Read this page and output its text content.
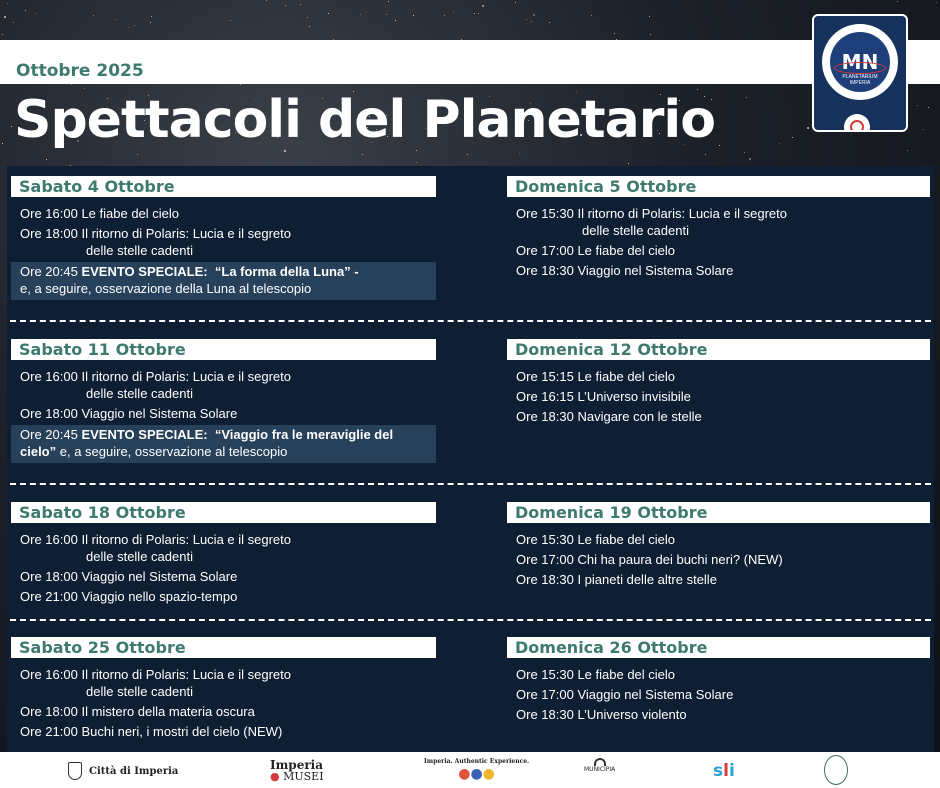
Ottobre 2025
Spettacoli del Planetario
MN
PLANETARIUM IMPERIA
Sabato 4 Ottobre
Ore 16:00 Le fiabe del cielo
Ore 18:00 Il ritorno di Polaris: Lucia e il segreto
delle stelle cadenti
Ore 20:45 EVENTO SPECIALE: “La forma della Luna” -
e, a seguire, osservazione della Luna al telescopio
Domenica 5 Ottobre
Ore 15:30 Il ritorno di Polaris: Lucia e il segreto
delle stelle cadenti
Ore 17:00 Le fiabe del cielo
Ore 18:30 Viaggio nel Sistema Solare
Sabato 11 Ottobre
Ore 16:00 Il ritorno di Polaris: Lucia e il segreto
delle stelle cadenti
Ore 18:00 Viaggio nel Sistema Solare
Ore 20:45 EVENTO SPECIALE: “Viaggio fra le meraviglie del cielo” e, a seguire, osservazione al telescopio
Domenica 12 Ottobre
Ore 15:15 Le fiabe del cielo
Ore 16:15 L’Universo invisibile
Ore 18:30 Navigare con le stelle
Sabato 18 Ottobre
Ore 16:00 Il ritorno di Polaris: Lucia e il segreto
delle stelle cadenti
Ore 18:00 Viaggio nel Sistema Solare
Ore 21:00 Viaggio nello spazio-tempo
Domenica 19 Ottobre
Ore 15:30 Le fiabe del cielo
Ore 17:00 Chi ha paura dei buchi neri? (NEW)
Ore 18:30 I pianeti delle altre stelle
Sabato 25 Ottobre
Ore 16:00 Il ritorno di Polaris: Lucia e il segreto
delle stelle cadenti
Ore 18:00 Il mistero della materia oscura
Ore 21:00 Buchi neri, i mostri del cielo (NEW)
Domenica 26 Ottobre
Ore 15:30 Le fiabe del cielo
Ore 17:00 Viaggio nel Sistema Solare
Ore 18:30 L’Universo violento
Città di Imperia	Imperia
● MUSEI
Imperia. Authentic Experience.
●●●	MUNICIPIA	sli
